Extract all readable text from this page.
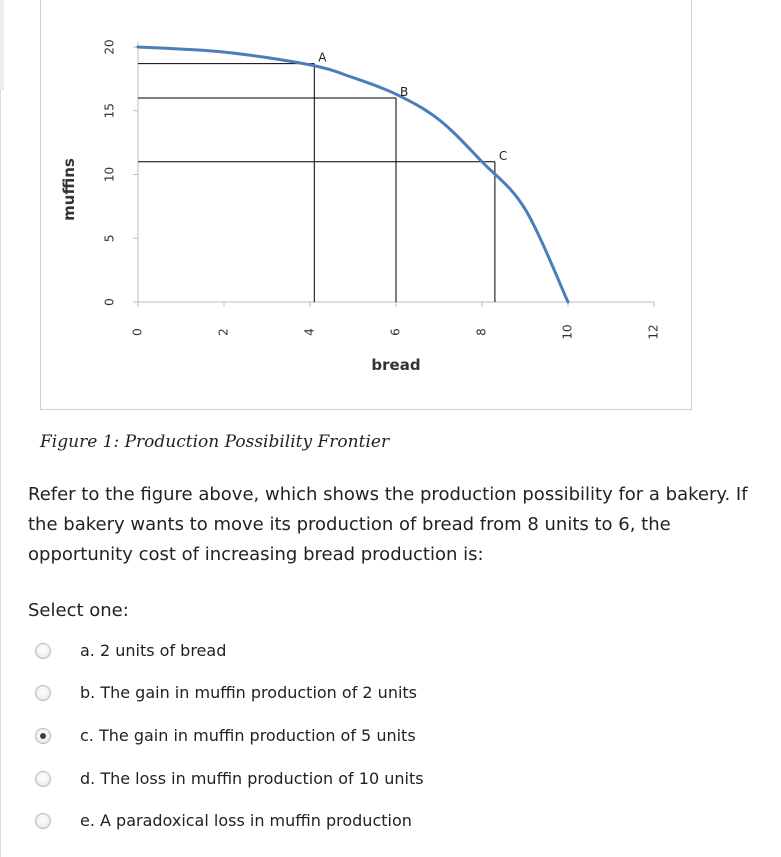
0
5
10
15
20
0	2	4	6	8	10	12
bread
muffins
A
B
C
Figure 1: Production Possibility Frontier
Refer to the figure above, which shows the production possibility for a bakery. If the bakery wants to move its production of bread from 8 units to 6, the opportunity cost of increasing bread production is:
Select one:
a. 2 units of bread
b. The gain in muffin production of 2 units
c. The gain in muffin production of 5 units
d. The loss in muffin production of 10 units
e. A paradoxical loss in muffin production
